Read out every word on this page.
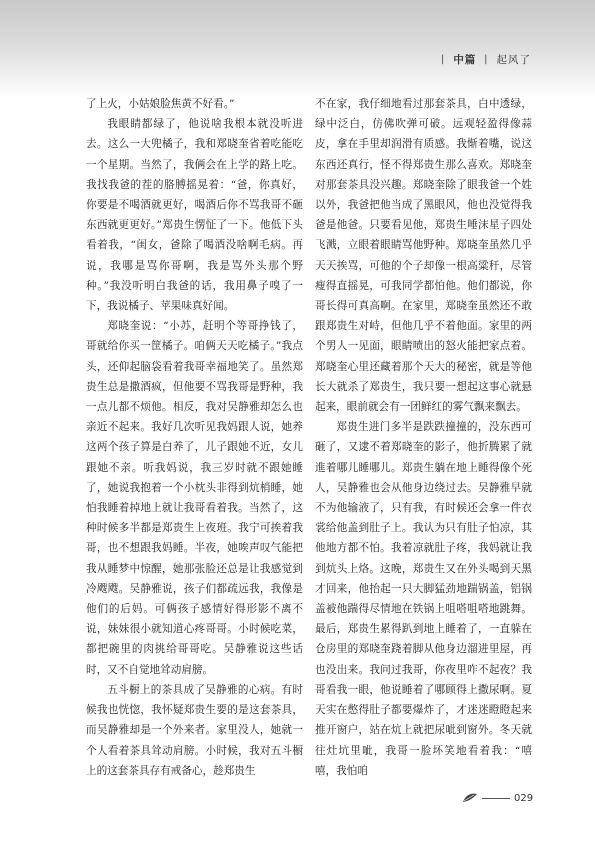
丨 中篇 丨 起风了

了上火，小姑娘脸焦黄不好看。”

我眼睛都绿了，他说啥我根本就没听进去。这么一大兜橘子，我和郑晓奎省着吃能吃一个星期。当然了，我俩会在上学的路上吃。我找我爸的茬的胳膊摇晃着：“爸，你真好，你要是不喝酒就更好，喝酒后你不骂我哥不砸东西就更更好。”郑贵生愣怔了一下。他低下头看着我，“闺女，爸除了喝酒没啥啊毛病。再说，我哪是骂你哥啊，我是骂外头那个野种。”我没听明白我爸的话，我用鼻子嗅了一下，我说橘子、苹果味真好闻。

郑晓奎说：“小苏，赶明个等哥挣钱了，哥就给你买一筐橘子。咱俩天天吃橘子。”我点头，还仰起脑袋看着我哥幸福地笑了。虽然郑贵生总是撒酒疯，但他要不骂我哥是野种，我一点儿都不烦他。相反，我对吴静雅却怎么也亲近不起来。我好几次听见我妈跟人说，她养这两个孩子算是白养了，儿子跟她不近，女儿跟她不亲。听我妈说，我三岁时就不跟她睡了，她说我抱着一个小枕头非得到炕梢睡，她怕我睡着掉地上就让我哥看着我。当然了，这种时候多半都是郑贵生上夜班。我宁可挨着我哥，也不想跟我妈睡。半夜，她唉声叹气能把我从睡梦中惊醒，她那张脸还总是让我感觉到冷飕飕。吴静雅说，孩子们都疏远我，我像是他们的后妈。可俩孩子感情好得形影不离不说，妹妹很小就知道心疼哥哥。小时候吃菜，都把碗里的肉挑给哥哥吃。吴静雅说这些话时，又不自觉地耸动肩膀。

五斗橱上的茶具成了吴静雅的心病。有时候我也恍惚，我怀疑郑贵生要的是这套茶具，而吴静雅却是一个外来者。家里没人，她就一个人看着茶具耸动肩膀。小时候，我对五斗橱上的这套茶具存有戒备心，趁郑贵生

不在家，我仔细地看过那套茶具，白中透绿，绿中泛白，仿佛吹弹可破。远观轻盈得像蒜皮，拿在手里却润滑有质感。我惭着嘴，说这东西还真行，怪不得郑贵生那么喜欢。郑晓奎对那套茶具没兴趣。郑晓奎除了眼我爸一个姓以外，我爸把他当成了黑眼风，他也没觉得我爸是他爸。只要看见他，郑贵生唾沫星子四处飞溅，立眼着眼睛骂他野种。郑晓奎虽然几乎天天挨骂，可他的个子却像一根高粱秆，尽管瘦得直摇晃，可我同学都怕他。他们都说，你哥长得可真高啊。在家里，郑晓奎虽然还不敢跟郑贵生对峙，但他几乎不着他面。家里的两个男人一见面，眼睛喷出的怒火能把家点着。郑晓奎心里还藏着那个天大的秘密，就是等他长大就杀了郑贵生，我只要一想起这事心就悬起来，眼前就会有一团鲜红的雾气飘来飘去。

郑贵生进门多半是跌跌撞撞的，没东西可砸了，又逮不着郑晓奎的影子，他折腾累了就進着哪儿睡哪儿。郑贵生躺在地上睡得像个死人，吴静雅也会从他身边绕过去。吴静雅早就不为他输液了，只有我，有时候还会拿一件衣裳给他盖到肚子上。我认为只有肚子怕凉，其他地方都不怕。我着凉就肚子疼，我妈就让我到炕头上烙。这晚，郑贵生又在外头喝到天黑才回来，他抬起一只大脚猛劲地踹锅盖，铝锅盖被他踹得尽情地在铁锅上咀嗒咀嗒地跳舞。最后，郑贵生累得趴到地上睡着了，一直躲在仓房里的郑晓奎跷着脚从他身边溜进里屋，再也没出来。我问过我哥，你夜里咋不起夜？我哥看我一眼，他说睡着了哪顾得上撒尿啊。夏天实在憋得肚子都要爆炸了，才迷迷瞪瞪起来推开窗户，站在炕上就把尿呲到窗外。冬天就往灶坑里呲，我哥一脸坏笑地看着我：“嘻嘻，我怕咱

029
